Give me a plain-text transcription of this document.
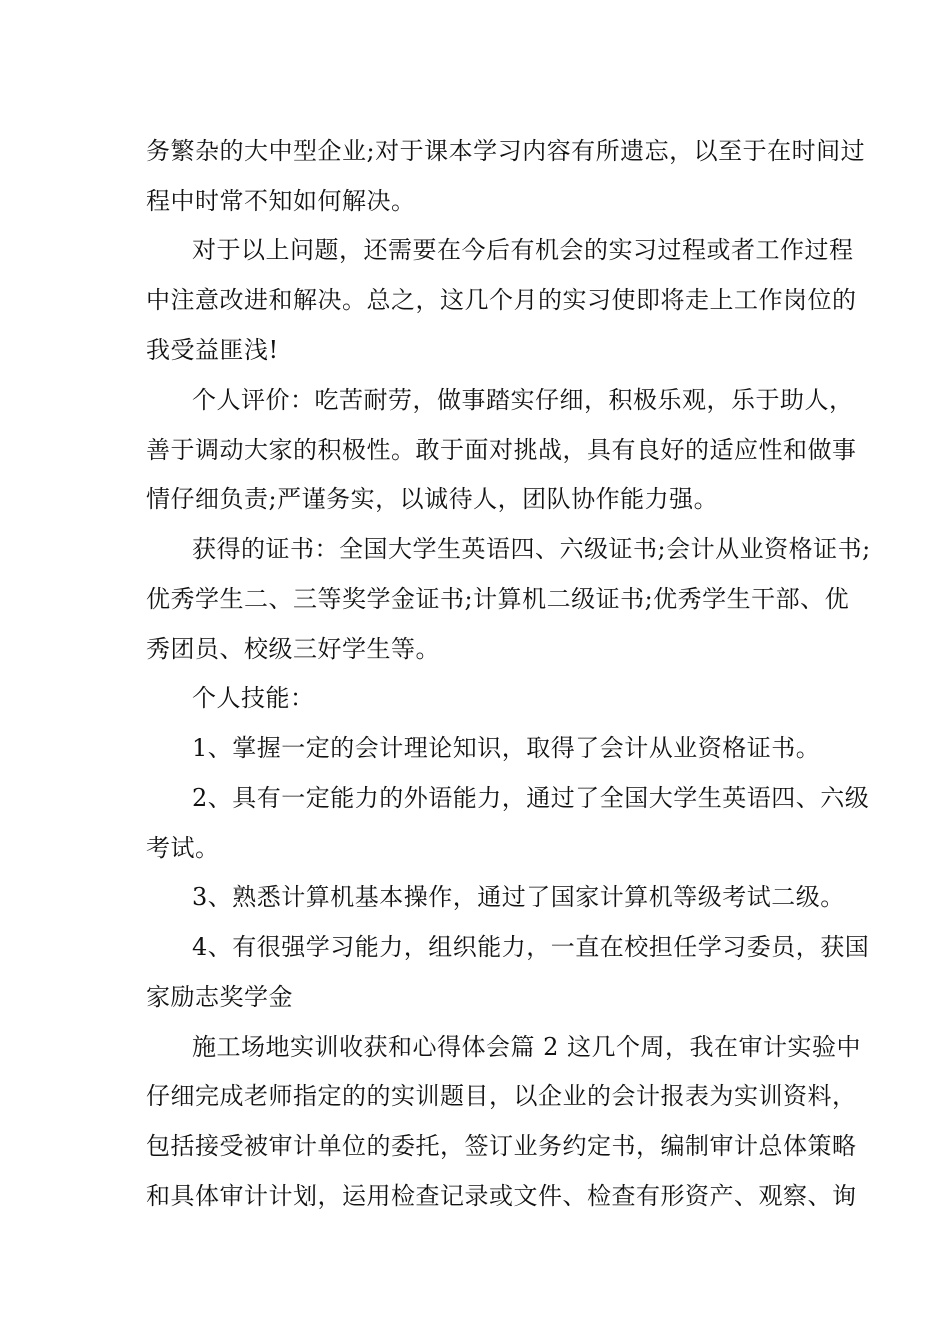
务繁杂的大中型企业;对于课本学习内容有所遗忘，以至于在时间过
程中时常不知如何解决。
对于以上问题，还需要在今后有机会的实习过程或者工作过程
中注意改进和解决。总之，这几个月的实习使即将走上工作岗位的
我受益匪浅!
个人评价：吃苦耐劳，做事踏实仔细，积极乐观，乐于助人，
善于调动大家的积极性。敢于面对挑战，具有良好的适应性和做事
情仔细负责;严谨务实，以诚待人，团队协作能力强。
获得的证书：全国大学生英语四、六级证书;会计从业资格证书;
优秀学生二、三等奖学金证书;计算机二级证书;优秀学生干部、优
秀团员、校级三好学生等。
个人技能：
1、掌握一定的会计理论知识，取得了会计从业资格证书。
2、具有一定能力的外语能力，通过了全国大学生英语四、六级
考试。
3、熟悉计算机基本操作，通过了国家计算机等级考试二级。
4、有很强学习能力，组织能力，一直在校担任学习委员，获国
家励志奖学金
施工场地实训收获和心得体会篇 2 这几个周，我在审计实验中
仔细完成老师指定的的实训题目，以企业的会计报表为实训资料，
包括接受被审计单位的委托，签订业务约定书，编制审计总体策略
和具体审计计划，运用检查记录或文件、检查有形资产、观察、询
